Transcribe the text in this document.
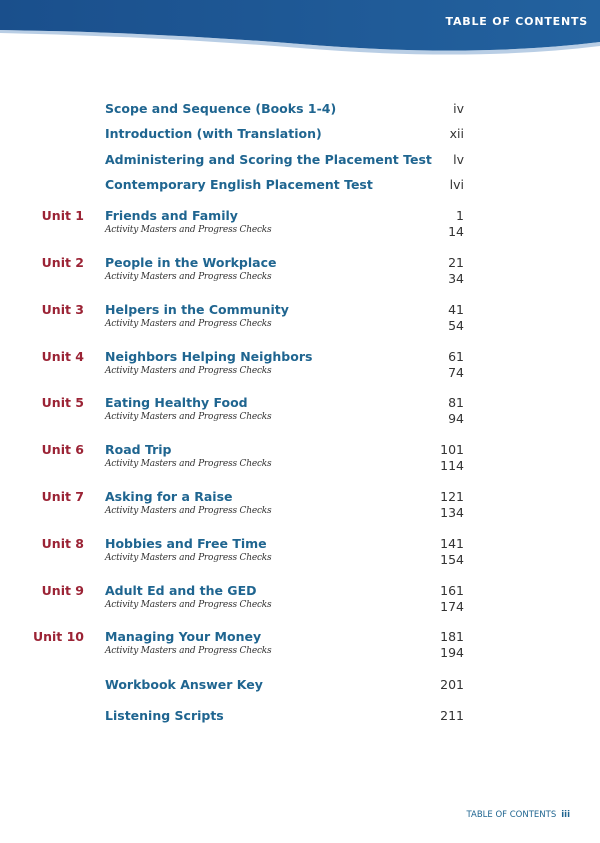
TABLE OF CONTENTS
Scope and Sequence (Books 1-4)	iv
Introduction (with Translation)	xii
Administering and Scoring the Placement Test lv
Contemporary English Placement Test	lvi
Unit 1 Friends and Family	1
Activity Masters and Progress Checks	14
Unit 2 People in the Workplace	21
Activity Masters and Progress Checks	34
Unit 3 Helpers in the Community	41
Activity Masters and Progress Checks	54
Unit 4 Neighbors Helping Neighbors	61
Activity Masters and Progress Checks	74
Unit 5 Eating Healthy Food	81
Activity Masters and Progress Checks	94
Unit 6 Road Trip	101
Activity Masters and Progress Checks	114
Unit 7 Asking for a Raise	121
Activity Masters and Progress Checks	134
Unit 8 Hobbies and Free Time	141
Activity Masters and Progress Checks	154
Unit 9 Adult Ed and the GED	161
Activity Masters and Progress Checks	174
Unit 10 Managing Your Money	181
Activity Masters and Progress Checks	194
Workbook Answer Key	201
Listening Scripts	211
TABLE OF CONTENTS iii
